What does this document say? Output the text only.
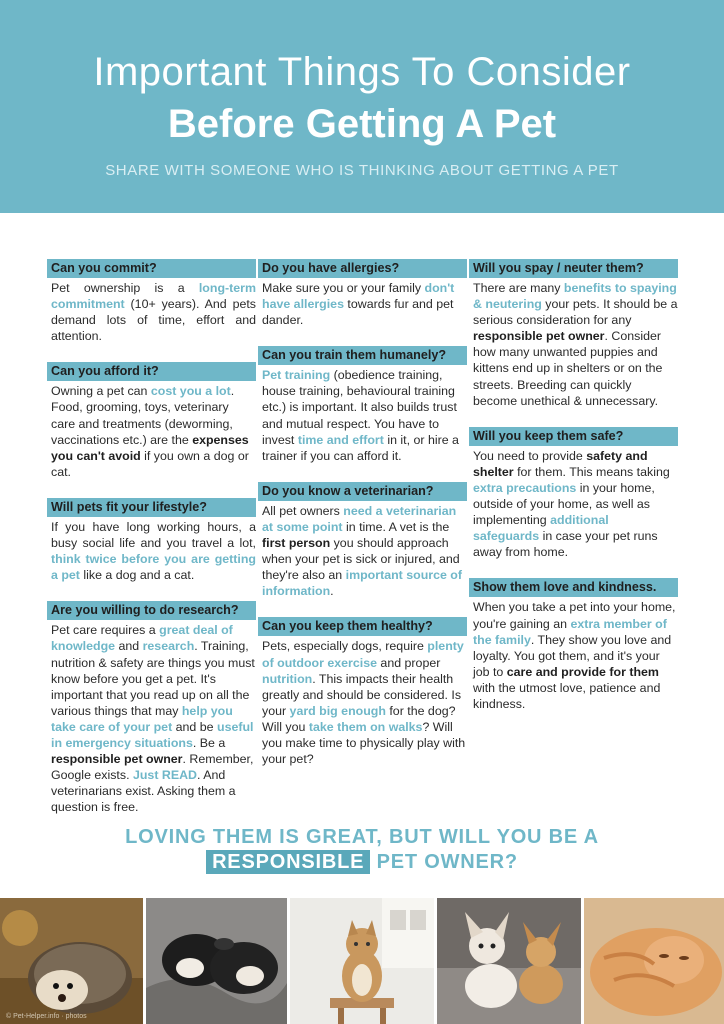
Important Things To Consider
Before Getting A Pet
SHARE WITH SOMEONE WHO IS THINKING ABOUT GETTING A PET
Can you commit?
Pet ownership is a long-term commitment (10+ years). And pets demand lots of time, effort and attention.
Can you afford it?
Owning a pet can cost you a lot. Food, grooming, toys, veterinary care and treatments (deworming, vaccinations etc.) are the expenses you can't avoid if you own a dog or cat.
Will pets fit your lifestyle?
If you have long working hours, a busy social life and you travel a lot, think twice before you are getting a pet like a dog and a cat.
Are you willing to do research?
Pet care requires a great deal of knowledge and research. Training, nutrition & safety are things you must know before you get a pet. It's important that you read up on all the various things that may help you take care of your pet and be useful in emergency situations. Be a responsible pet owner. Remember, Google exists. Just READ. And veterinarians exist. Asking them a question is free.
Do you have allergies?
Make sure you or your family don't have allergies towards fur and pet dander.
Can you train them humanely?
Pet training (obedience training, house training, behavioural training etc.) is important. It also builds trust and mutual respect. You have to invest time and effort in it, or hire a trainer if you can afford it.
Do you know a veterinarian?
All pet owners need a veterinarian at some point in time. A vet is the first person you should approach when your pet is sick or injured, and they're also an important source of information.
Can you keep them healthy?
Pets, especially dogs, require plenty of outdoor exercise and proper nutrition. This impacts their health greatly and should be considered. Is your yard big enough for the dog? Will you take them on walks? Will you make time to physically play with your pet?
Will you spay / neuter them?
There are many benefits to spaying & neutering your pets. It should be a serious consideration for any responsible pet owner. Consider how many unwanted puppies and kittens end up in shelters or on the streets. Breeding can quickly become unethical & unnecessary.
Will you keep them safe?
You need to provide safety and shelter for them. This means taking extra precautions in your home, outside of your home, as well as implementing additional safeguards in case your pet runs away from home.
Show them love and kindness.
When you take a pet into your home, you're gaining an extra member of the family. They show you love and loyalty. You got them, and it's your job to care and provide for them with the utmost love, patience and kindness.
LOVING THEM IS GREAT, BUT WILL YOU BE A
RESPONSIBLE PET OWNER?
© Pet-Helper.info · photos
